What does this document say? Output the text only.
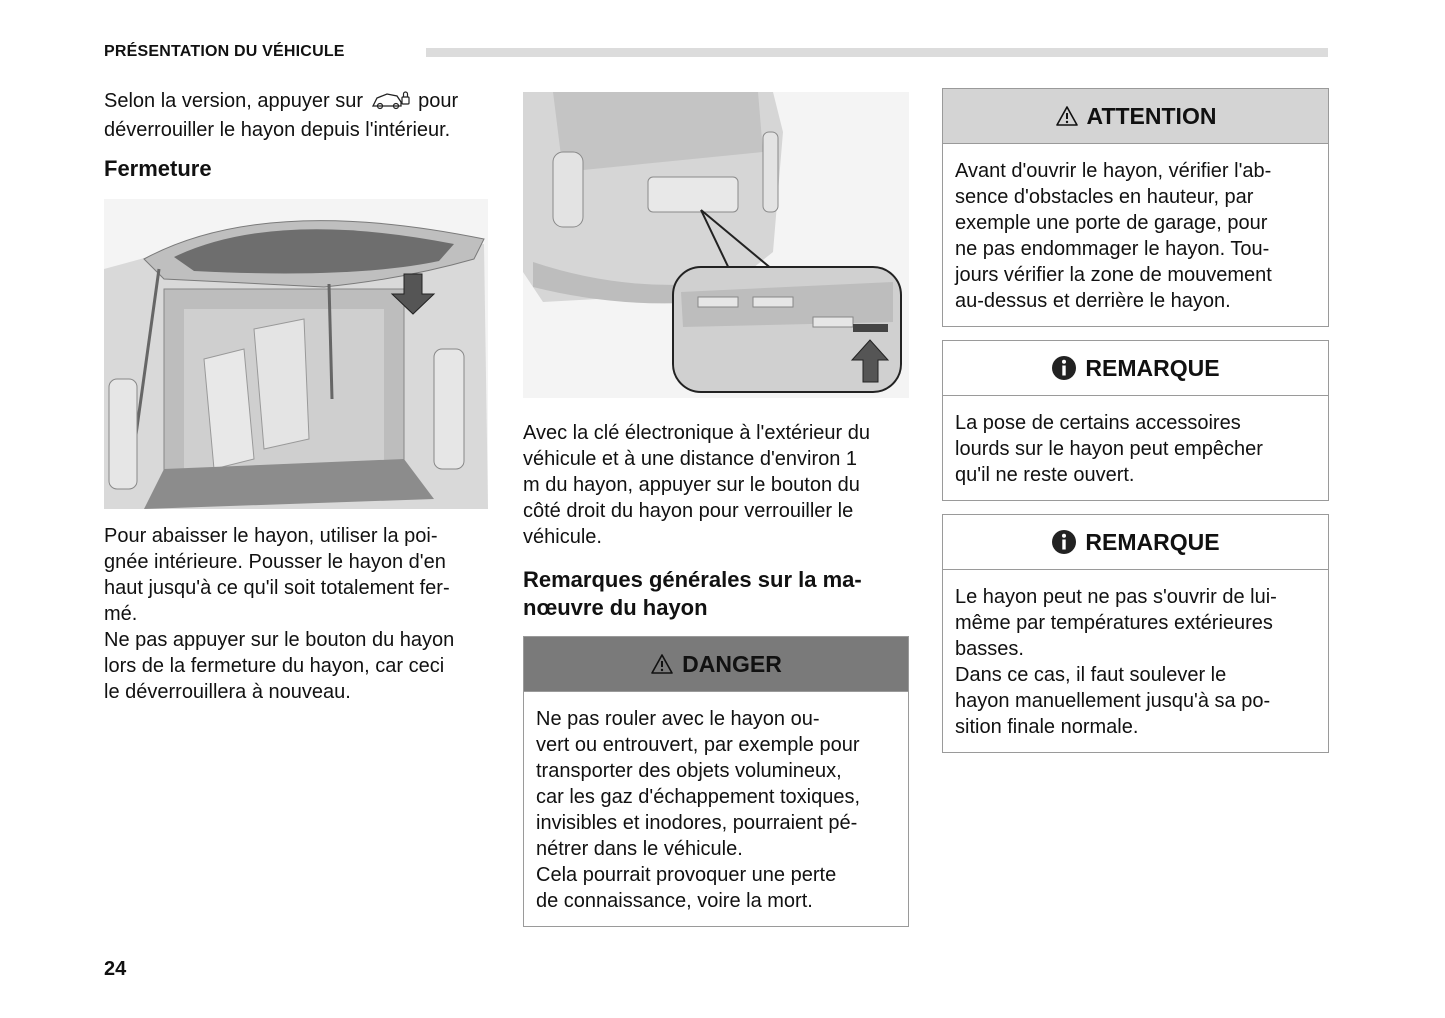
PRÉSENTATION DU VÉHICULE

Selon la version, appuyer sur	pour
déverrouiller le hayon depuis l'intérieur.

Fermeture

Pour abaisser le hayon, utiliser la poi-
gnée intérieure. Pousser le hayon d'en
haut jusqu'à ce qu'il soit totalement fer-
mé.
Ne pas appuyer sur le bouton du hayon
lors de la fermeture du hayon, car ceci
le déverrouillera à nouveau.

Avec la clé électronique à l'extérieur du
véhicule et à une distance d'environ 1
m du hayon, appuyer sur le bouton du
côté droit du hayon pour verrouiller le
véhicule.

Remarques générales sur la ma-
nœuvre du hayon
DANGER
Ne pas rouler avec le hayon ou-
vert ou entrouvert, par exemple pour
transporter des objets volumineux,
car les gaz d'échappement toxiques,
invisibles et inodores, pourraient pé-
nétrer dans le véhicule.
Cela pourrait provoquer une perte
de connaissance, voire la mort.
ATTENTION
Avant d'ouvrir le hayon, vérifier l'ab-
sence d'obstacles en hauteur, par
exemple une porte de garage, pour
ne pas endommager le hayon. Tou-
jours vérifier la zone de mouvement
au-dessus et derrière le hayon.
REMARQUE
La pose de certains accessoires
lourds sur le hayon peut empêcher
qu'il ne reste ouvert.
REMARQUE
Le hayon peut ne pas s'ouvrir de lui-
même par températures extérieures
basses.
Dans ce cas, il faut soulever le
hayon manuellement jusqu'à sa po-
sition finale normale.
24
